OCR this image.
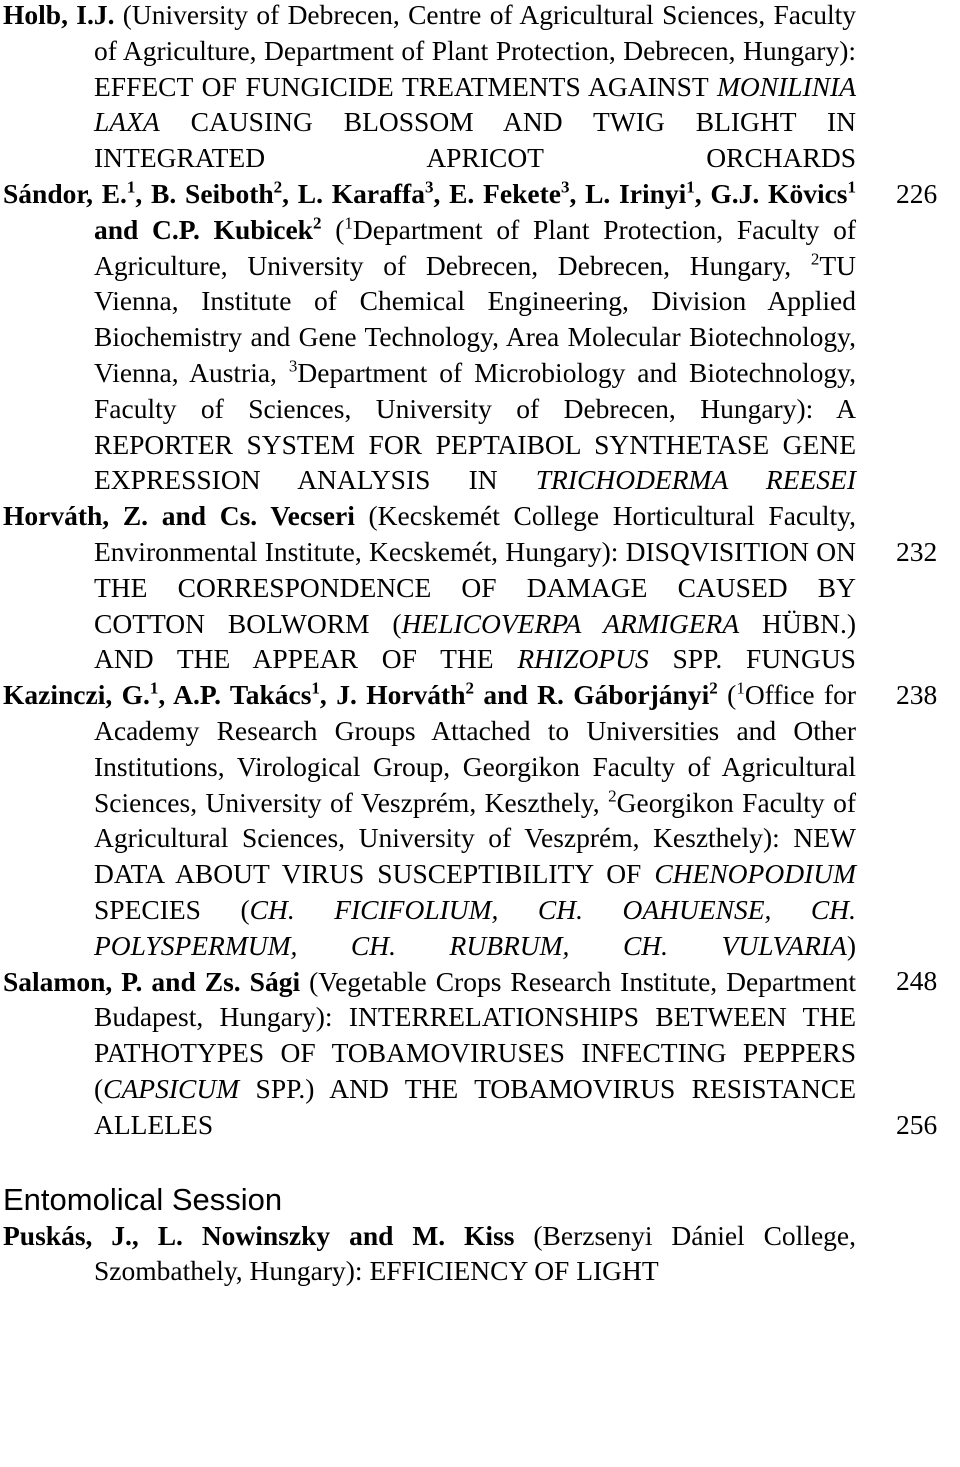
Holb, I.J. (University of Debrecen, Centre of Agricultural Sciences, Faculty of Agriculture, Department of Plant Protection, Debrecen, Hungary): EFFECT OF FUNGICIDE TREATMENTS AGAINST MONILINIA LAXA CAUSING BLOSSOM AND TWIG BLIGHT IN INTEGRATED APRICOT ORCHARDS
226

Sándor, E.$^1$, B. Seiboth$^2$, L. Karaffa$^3$, E. Fekete$^3$, L. Irinyi$^1$, G.J. Kövics$^1$ and C.P. Kubicek$^2$ ($^1$Department of Plant Protection, Faculty of Agriculture, University of Debrecen, Debrecen, Hungary, $^2$TU Vienna, Institute of Chemical Engineering, Division Applied Biochemistry and Gene Technology, Area Molecular Biotechnology, Vienna, Austria, $^3$Department of Microbiology and Biotechnology, Faculty of Sciences, University of Debrecen, Hungary): A REPORTER SYSTEM FOR PEPTAIBOL SYNTHETASE GENE EXPRESSION ANALYSIS IN TRICHODERMA REESEI
232

Horváth, Z. and Cs. Vecseri (Kecskemét College Horticultural Faculty, Environmental Institute, Kecskemét, Hungary): DISQVISITION ON THE CORRESPONDENCE OF DAMAGE CAUSED BY COTTON BOLWORM (HELICOVERPA ARMIGERA HÜBN.) AND THE APPEAR OF THE RHIZOPUS SPP. FUNGUS
238

Kazinczi, G.$^1$, A.P. Takács$^1$, J. Horváth$^2$ and R. Gáborjányi$^2$ ($^1$Office for Academy Research Groups Attached to Universities and Other Institutions, Virological Group, Georgikon Faculty of Agricultural Sciences, University of Veszprém, Keszthely, $^2$Georgikon Faculty of Agricultural Sciences, University of Veszprém, Keszthely): NEW DATA ABOUT VIRUS SUSCEPTIBILITY OF CHENOPODIUM SPECIES (CH. FICIFOLIUM, CH. OAHUENSE, CH. POLYSPERMUM, CH. RUBRUM, CH. VULVARIA)
248

Salamon, P. and Zs. Sági (Vegetable Crops Research Institute, Department Budapest, Hungary): INTERRELATIONSHIPS BETWEEN THE PATHOTYPES OF TOBAMOVIRUSES INFECTING PEPPERS (CAPSICUM SPP.) AND THE TOBAMOVIRUS RESISTANCE ALLELES	256

Entomolical Session

Puskás, J., L. Nowinszky and M. Kiss (Berzsenyi Dániel College, Szombathely, Hungary): EFFICIENCY OF LIGHT
